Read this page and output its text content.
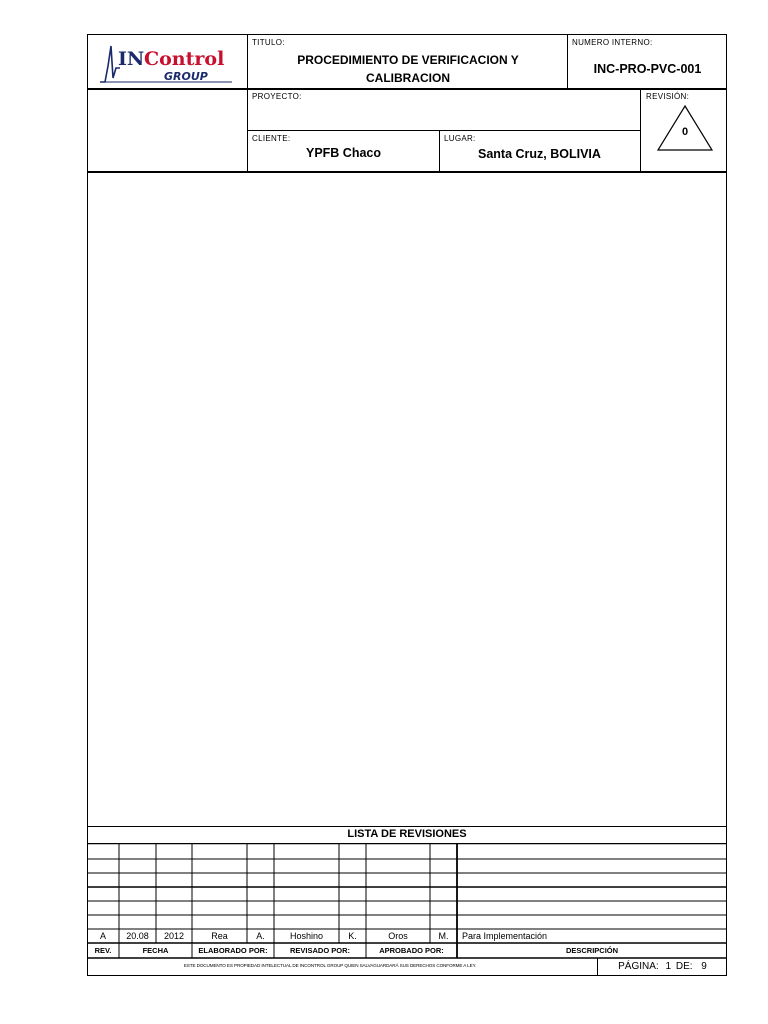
IN Control
GROUP
TITULO:
PROCEDIMIENTO DE VERIFICACION Y
CALIBRACION
NUMERO INTERNO:
INC-PRO-PVC-001
PROYECTO:	REVISIÓN:
0
CLIENTE:
YPFB Chaco
LUGAR:
Santa Cruz, BOLIVIA
LISTA DE REVISIONES
A	20.08	2012	Rea	A.	Hoshino	K.	Oros	M.	Para Implementación
REV.	FECHA	ELABORADO POR:	REVISADO POR:	APROBADO POR:	DESCRIPCIÓN
ESTE DOCUMENTO ES PROPIEDAD INTELECTUAL DE INCONTROL GROUP QUIEN SALVAGUARDARÁ SUS DERECHOS CONFORME A LEY.	PÁGINA: 1 DE: 9
